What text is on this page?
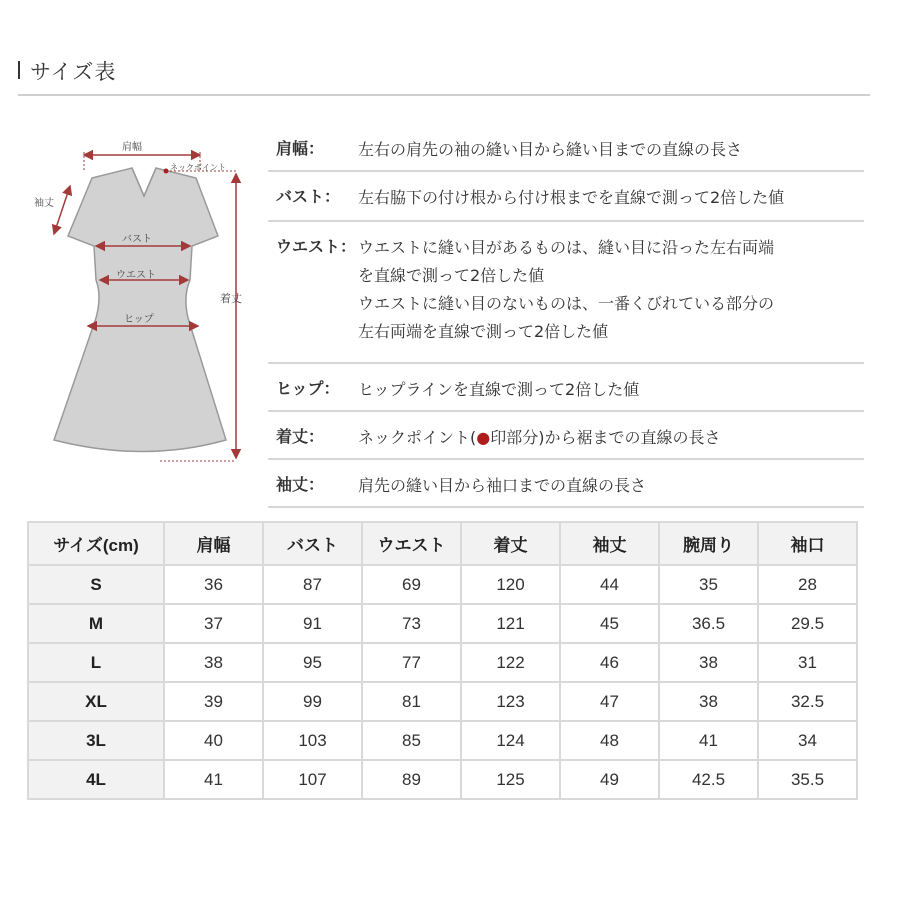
サイズ表
肩幅
ネックポイント
袖丈
バスト
ウエスト
ヒップ
着丈
肩幅： 左右の肩先の袖の縫い目から縫い目までの直線の長さ
バスト： 左右脇下の付け根から付け根までを直線で測って2倍した値
ウエスト： ウエストに縫い目があるものは、縫い目に沿った左右両端
を直線で測って2倍した値
ウエストに縫い目のないものは、一番くびれている部分の
左右両端を直線で測って2倍した値
ヒップ： ヒップラインを直線で測って2倍した値
着丈： ネックポイント(●印部分)から裾までの直線の長さ
袖丈： 肩先の縫い目から袖口までの直線の長さ
サイズ(cm)	肩幅	バスト	ウエスト	着丈	袖丈	腕周り	袖口
S	36	87	69	120	44	35	28
M	37	91	73	121	45	36.5	29.5
L	38	95	77	122	46	38	31
XL	39	99	81	123	47	38	32.5
3L	40	103	85	124	48	41	34
4L	41	107	89	125	49	42.5	35.5
